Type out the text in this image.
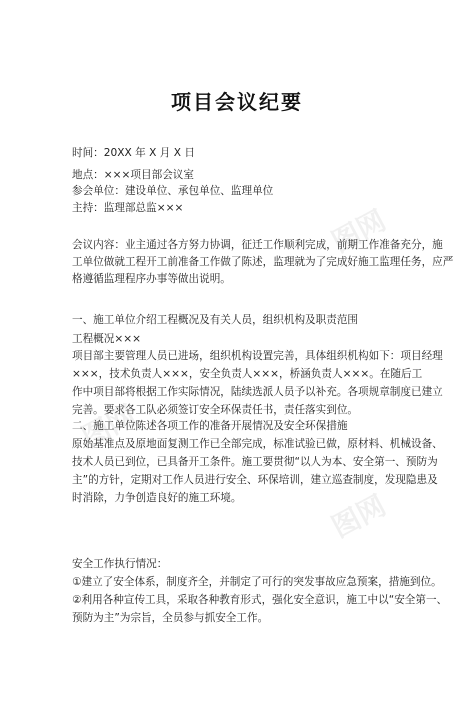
图网
图网
图网
项目会议纪要
时间：20XX 年 X 月 X 日
地点：×××项目部会议室
参会单位：建设单位、承包单位、监理单位
主持：监理部总监×××
会议内容：业主通过各方努力协调，征迁工作顺利完成，前期工作准备充分，施
工单位做就工程开工前准备工作做了陈述，监理就为了完成好施工监理任务，应严
格遵循监理程序办事等做出说明。
一、施工单位介绍工程概况及有关人员，组织机构及职责范围
工程概况×××
项目部主要管理人员已进场，组织机构设置完善，具体组织机构如下：项目经理
×××，技术负责人×××，安全负责人×××，桥涵负责人×××。在随后工
作中项目部将根据工作实际情况，陆续选派人员予以补充。各项规章制度已建立
完善。要求各工队必须签订安全环保责任书，责任落实到位。
二、施工单位陈述各项工作的准备开展情况及安全环保措施
原始基准点及原地面复测工作已全部完成，标准试验已做，原材料、机械设备、
技术人员已到位，已具备开工条件。施工要贯彻“以人为本、安全第一、预防为
主”的方针，定期对工作人员进行安全、环保培训，建立巡查制度，发现隐患及
时消除，力争创造良好的施工环境。
安全工作执行情况：
①建立了安全体系，制度齐全，并制定了可行的突发事故应急预案，措施到位。
②利用各种宣传工具，采取各种教育形式，强化安全意识，施工中以“安全第一、
预防为主”为宗旨，全员参与抓安全工作。
